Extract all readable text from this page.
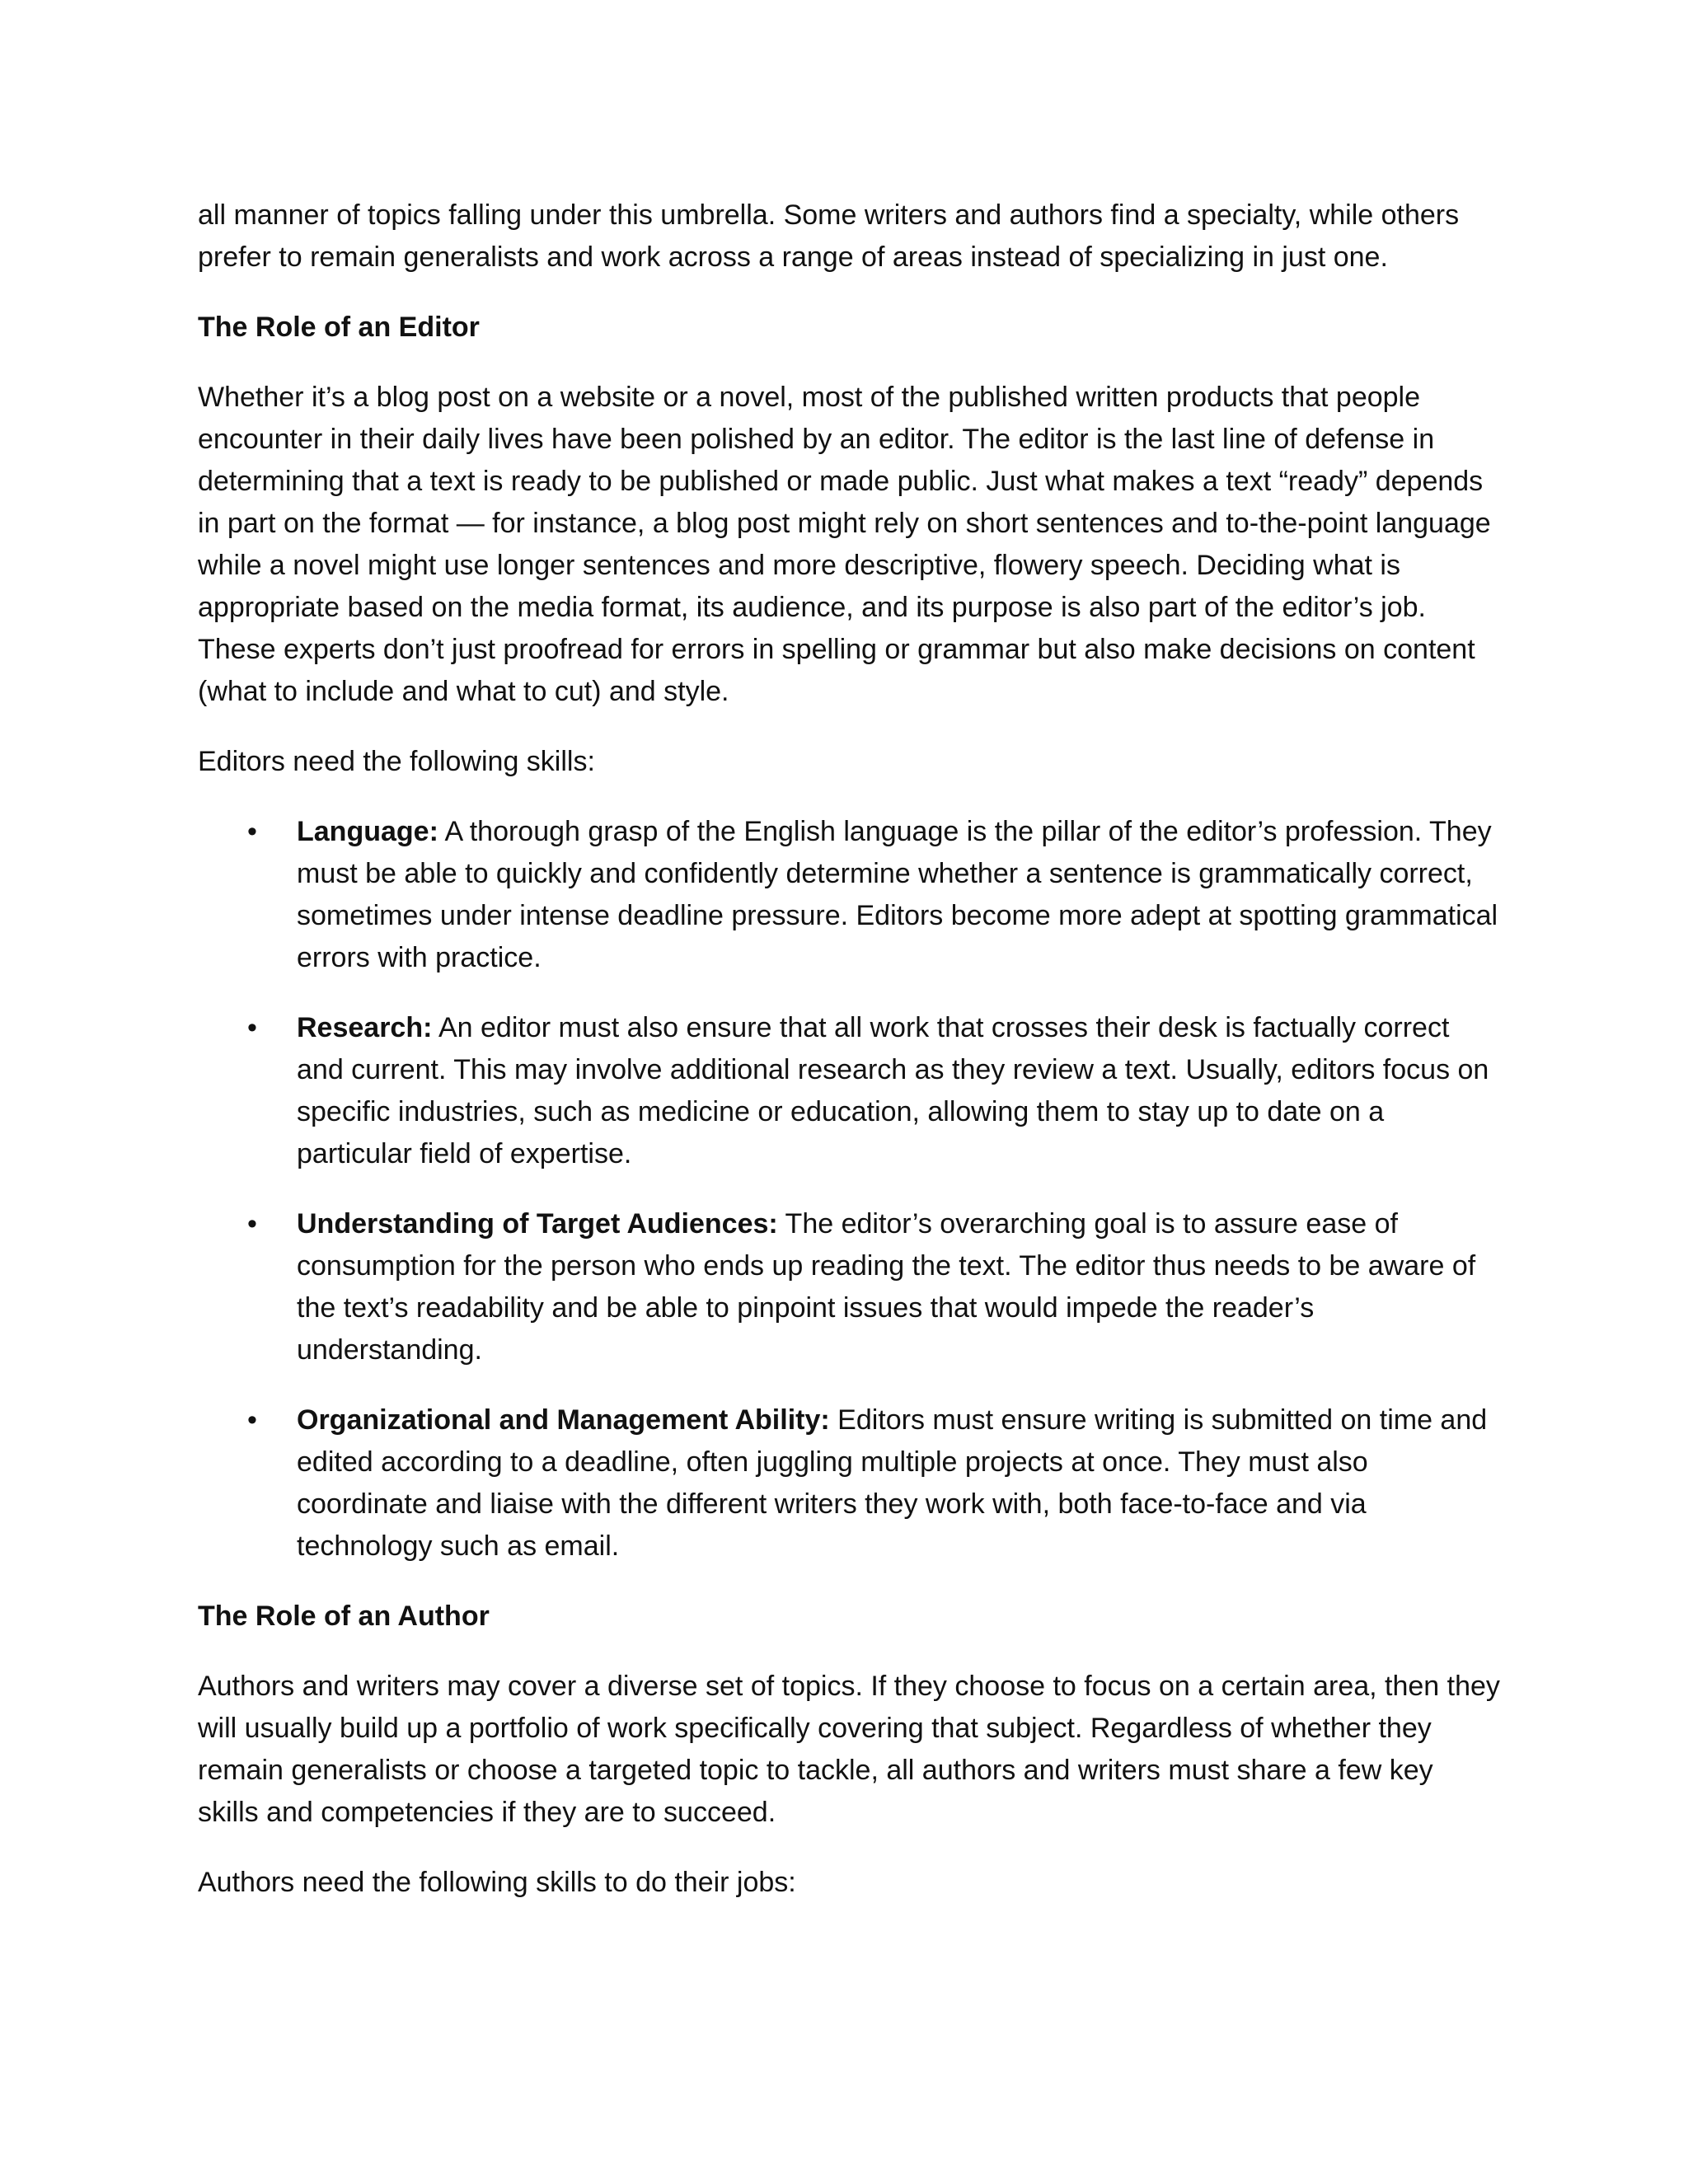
all manner of topics falling under this umbrella. Some writers and authors find a specialty, while others prefer to remain generalists and work across a range of areas instead of specializing in just one.

The Role of an Editor

Whether it’s a blog post on a website or a novel, most of the published written products that people encounter in their daily lives have been polished by an editor. The editor is the last line of defense in determining that a text is ready to be published or made public. Just what makes a text “ready” depends in part on the format — for instance, a blog post might rely on short sentences and to-the-point language while a novel might use longer sentences and more descriptive, flowery speech. Deciding what is appropriate based on the media format, its audience, and its purpose is also part of the editor’s job. These experts don’t just proofread for errors in spelling or grammar but also make decisions on content (what to include and what to cut) and style.

Editors need the following skills:

• Language: A thorough grasp of the English language is the pillar of the editor’s profession. They must be able to quickly and confidently determine whether a sentence is grammatically correct, sometimes under intense deadline pressure. Editors become more adept at spotting grammatical errors with practice.
• Research: An editor must also ensure that all work that crosses their desk is factually correct and current. This may involve additional research as they review a text. Usually, editors focus on specific industries, such as medicine or education, allowing them to stay up to date on a particular field of expertise.
• Understanding of Target Audiences: The editor’s overarching goal is to assure ease of consumption for the person who ends up reading the text. The editor thus needs to be aware of the text’s readability and be able to pinpoint issues that would impede the reader’s understanding.
• Organizational and Management Ability: Editors must ensure writing is submitted on time and edited according to a deadline, often juggling multiple projects at once. They must also coordinate and liaise with the different writers they work with, both face-to-face and via technology such as email.
The Role of an Author

Authors and writers may cover a diverse set of topics. If they choose to focus on a certain area, then they will usually build up a portfolio of work specifically covering that subject. Regardless of whether they remain generalists or choose a targeted topic to tackle, all authors and writers must share a few key skills and competencies if they are to succeed.

Authors need the following skills to do their jobs:
